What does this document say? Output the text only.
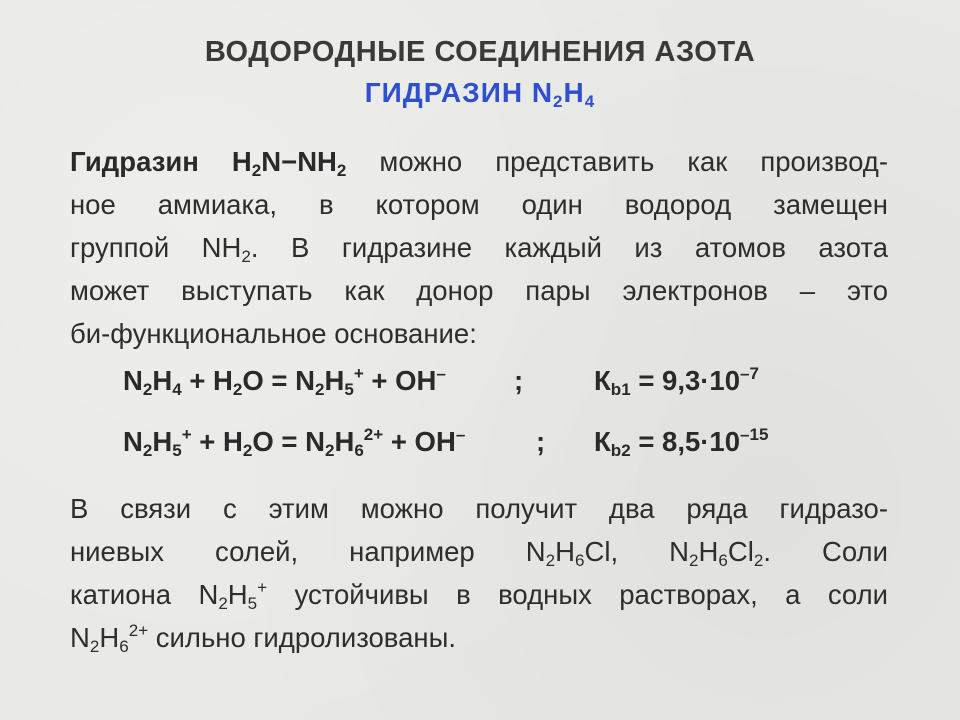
ВОДОРОДНЫЕ СОЕДИНЕНИЯ АЗОТА
ГИДРАЗИН $N_2H_4$
Гидразин $H_2N-NH_2$ можно представить как производ-
ное аммиака, в котором один водород замещен
группой $NH_2$. В гидразине каждый из атомов азота
может выступать как донор пары электронов – это
би-функциональное основание:
$N_2H_4 + H_2O = N_2H_5^+ + OH^-$ ;	$К_{b1} = 9,3\cdot 10^{-7}$
$N_2H_5^+ + H_2O = N_2H_6^{2+} + OH^-$	; $К_{b2} = 8,5\cdot 10^{-15}$
В связи с этим можно получит два ряда гидразо-
ниевых солей, например $N_2H_6Cl$, $N_2H_6Cl_2$. Соли
катиона $N_2H_5^+$ устойчивы в водных растворах, а соли
$N_2H_6^{2+}$ сильно гидролизованы.
